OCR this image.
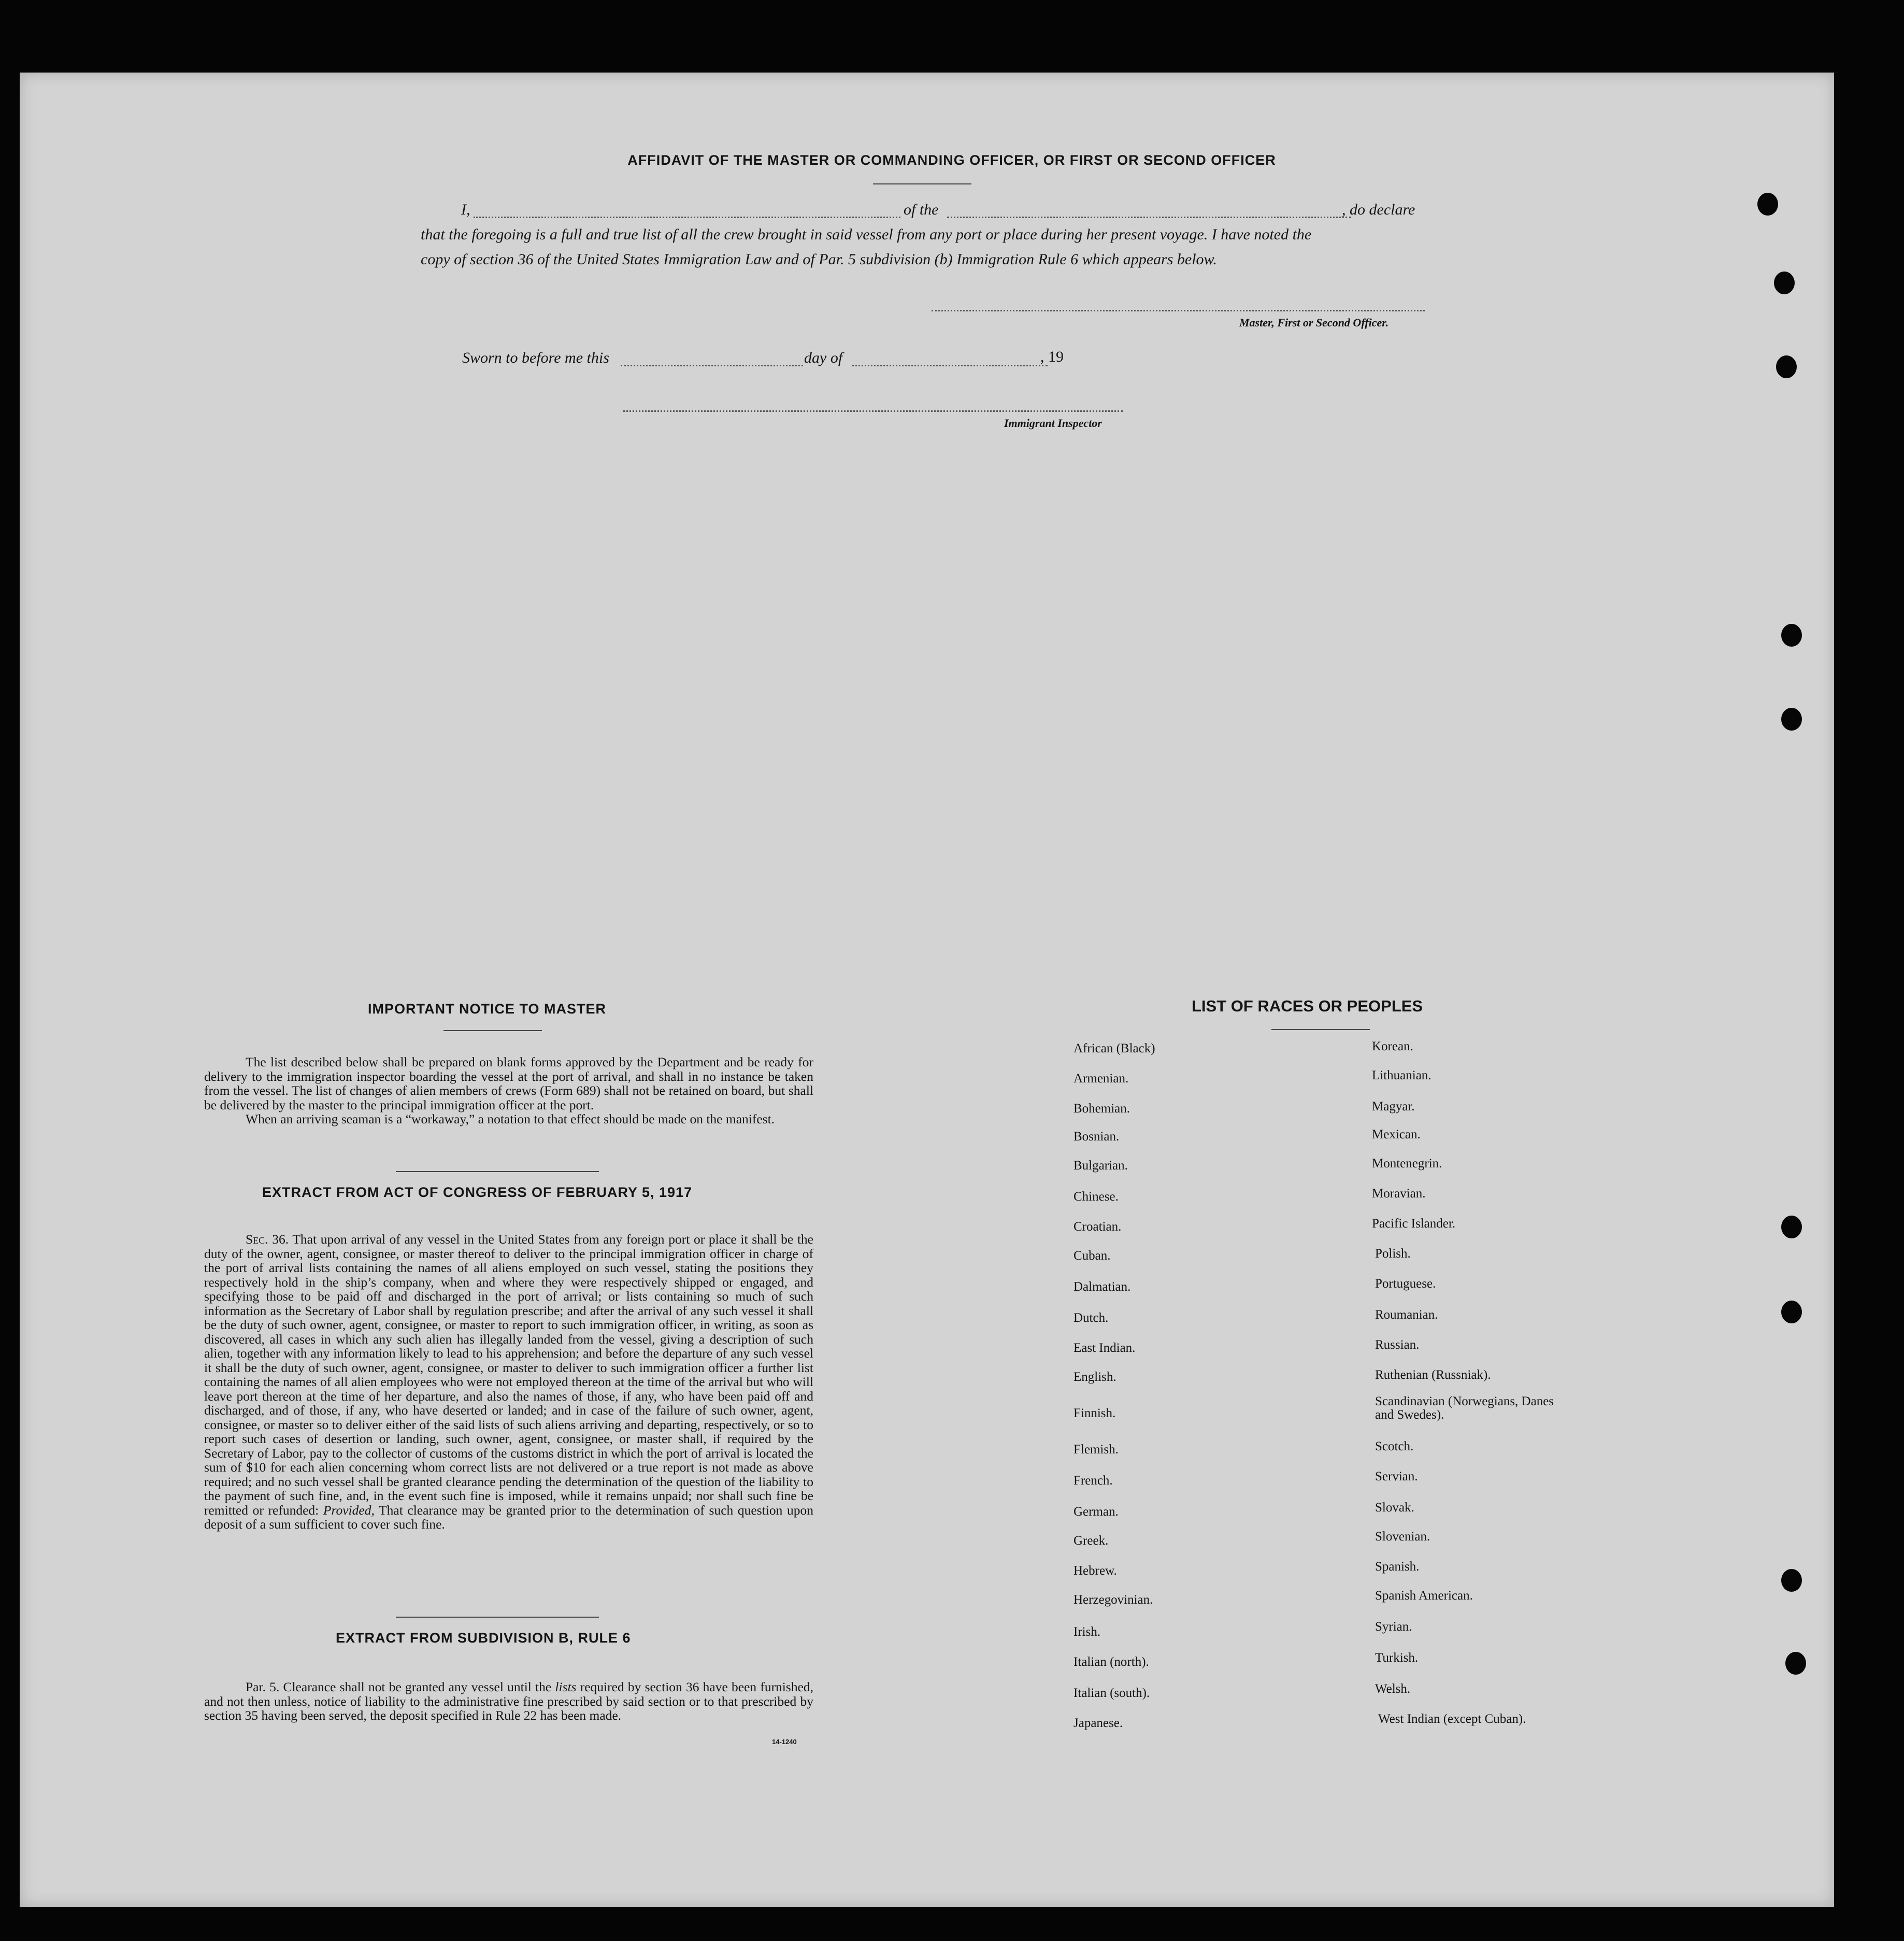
AFFIDAVIT OF THE MASTER OR COMMANDING OFFICER, OR FIRST OR SECOND OFFICER
I,	of the	, do declare
that the foregoing is a full and true list of all the crew brought in said vessel from any port or place during her present voyage. I have noted the
copy of section 36 of the United States Immigration Law and of Par. 5 subdivision (b) Immigration Rule 6 which appears below.
Master, First or Second Officer.
Sworn to before me this	day of	, 19
Immigrant Inspector
IMPORTANT NOTICE TO MASTER

The list described below shall be prepared on blank forms approved by the Department and be ready for delivery to the immigration inspector boarding the vessel at the port of arrival, and shall in no instance be taken from the vessel. The list of changes of alien members of crews (Form 689) shall not be retained on board, but shall be delivered by the master to the principal immigration officer at the port.

When an arriving seaman is a “workaway,” a notation to that effect should be made on the manifest.

EXTRACT FROM ACT OF CONGRESS OF FEBRUARY 5, 1917

Sec. 36. That upon arrival of any vessel in the United States from any foreign port or place it shall be the duty of the owner, agent, consignee, or master thereof to deliver to the principal immigration officer in charge of the port of arrival lists containing the names of all aliens employed on such vessel, stating the positions they respectively hold in the ship’s company, when and where they were respectively shipped or engaged, and specifying those to be paid off and discharged in the port of arrival; or lists containing so much of such information as the Secretary of Labor shall by regulation prescribe; and after the arrival of any such vessel it shall be the duty of such owner, agent, consignee, or master to report to such immigration officer, in writing, as soon as discovered, all cases in which any such alien has illegally landed from the vessel, giving a description of such alien, together with any information likely to lead to his apprehension; and before the departure of any such vessel it shall be the duty of such owner, agent, consignee, or master to deliver to such immigration officer a further list containing the names of all alien employees who were not employed thereon at the time of the arrival but who will leave port thereon at the time of her departure, and also the names of those, if any, who have been paid off and discharged, and of those, if any, who have deserted or landed; and in case of the failure of such owner, agent, consignee, or master so to deliver either of the said lists of such aliens arriving and departing, respectively, or so to report such cases of desertion or landing, such owner, agent, consignee, or master shall, if required by the Secretary of Labor, pay to the collector of customs of the customs district in which the port of arrival is located the sum of $10 for each alien concerning whom correct lists are not delivered or a true report is not made as above required; and no such vessel shall be granted clearance pending the determination of the question of the liability to the payment of such fine, and, in the event such fine is imposed, while it remains unpaid; nor shall such fine be remitted or refunded: Provided, That clearance may be granted prior to the determination of such question upon deposit of a sum sufficient to cover such fine.

EXTRACT FROM SUBDIVISION B, RULE 6

Par. 5. Clearance shall not be granted any vessel until the lists required by section 36 have been furnished, and not then unless, notice of liability to the administrative fine prescribed by said section or to that prescribed by section 35 having been served, the deposit specified in Rule 22 has been made.

14-1240
LIST OF RACES OR PEOPLES
African (Black)
Armenian.
Bohemian.
Bosnian.
Bulgarian.
Chinese.
Croatian.
Cuban.
Dalmatian.
Dutch.
East Indian.
English.
Finnish.
Flemish.
French.
German.
Greek.
Hebrew.
Herzegovinian.
Irish.
Italian (north).
Italian (south).
Japanese.
Korean.
Lithuanian.
Magyar.
Mexican.
Montenegrin.
Moravian.
Pacific Islander.
Polish.
Portuguese.
Roumanian.
Russian.
Ruthenian (Russniak).
Scandinavian (Norwegians, Danes and Swedes).
Scotch.
Servian.
Slovak.
Slovenian.
Spanish.
Spanish American.
Syrian.
Turkish.
Welsh.
West Indian (except Cuban).
